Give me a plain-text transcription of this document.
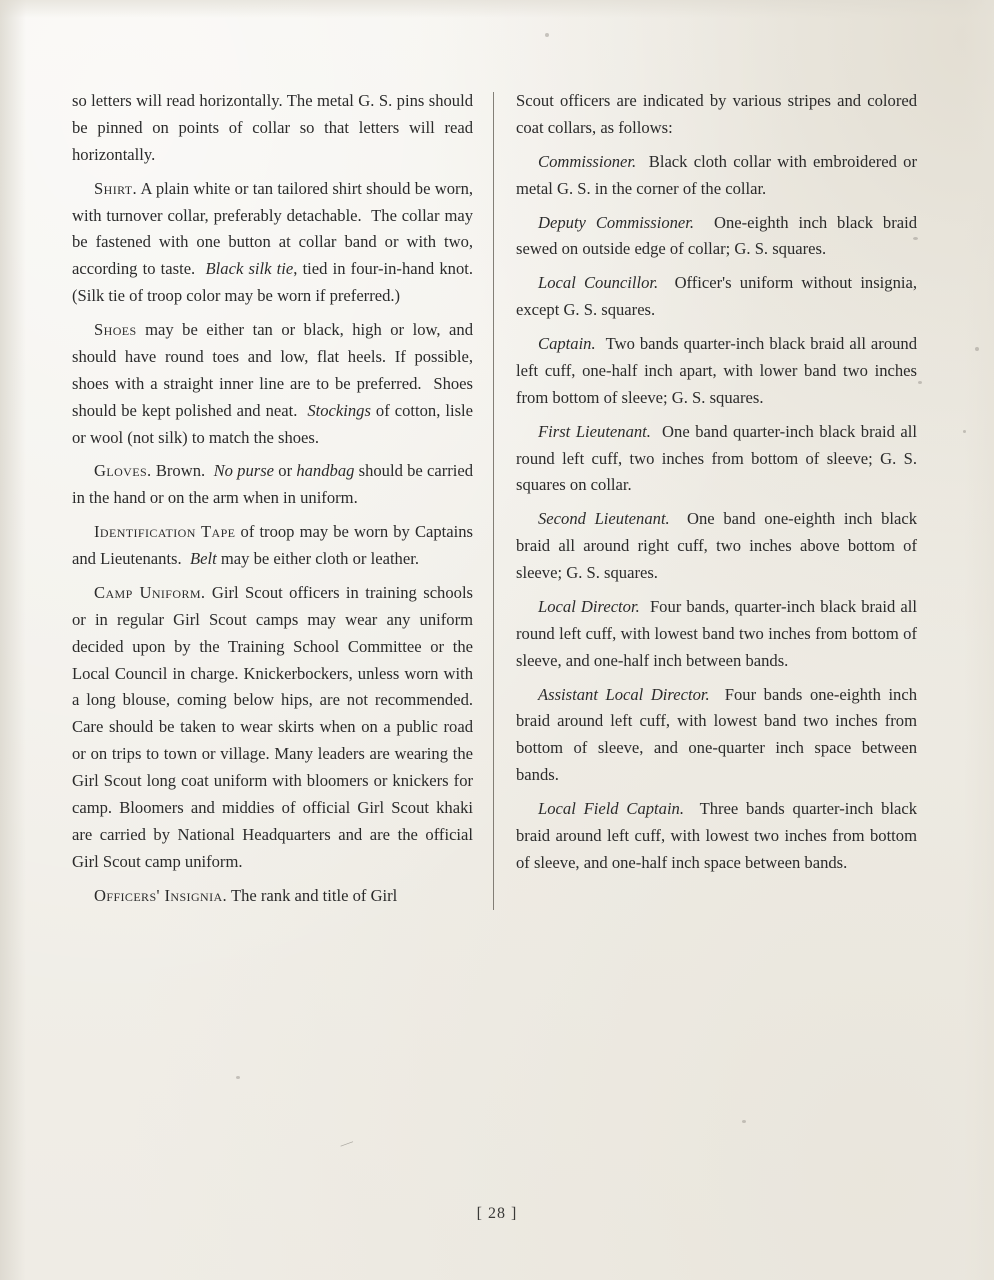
—

so letters will read horizontally. The metal G. S. pins should be pinned on points of collar so that letters will read horizontally.

Shirt. A plain white or tan tailored shirt should be worn, with turnover collar, preferably detachable.  The collar may be fastened with one button at collar band or with two, according to taste.  Black silk tie, tied in four-in-hand knot. (Silk tie of troop color may be worn if preferred.)

Shoes may be either tan or black, high or low, and should have round toes and low, flat heels. If possible, shoes with a straight inner line are to be preferred.  Shoes should be kept polished and neat.  Stockings of cotton, lisle or wool (not silk) to match the shoes.

Gloves. Brown.  No purse or handbag should be carried in the hand or on the arm when in uniform.

Identification Tape of troop may be worn by Captains and Lieutenants.  Belt may be either cloth or leather.

Camp Uniform. Girl Scout officers in training schools or in regular Girl Scout camps may wear any uniform decided upon by the Training School Committee or the Local Council in charge. Knickerbockers, unless worn with a long blouse, coming below hips, are not recommended. Care should be taken to wear skirts when on a public road or on trips to town or village. Many leaders are wearing the Girl Scout long coat uniform with bloomers or knickers for camp. Bloomers and middies of official Girl Scout khaki are carried by National Headquarters and are the official Girl Scout camp uniform.

Officers' Insignia. The rank and title of Girl

Scout officers are indicated by various stripes and colored coat collars, as follows:

Commissioner.  Black cloth collar with embroidered or metal G. S. in the corner of the collar.

Deputy Commissioner.  One-eighth inch black braid sewed on outside edge of collar; G. S. squares.

Local Councillor.  Officer's uniform without insignia, except G. S. squares.

Captain.  Two bands quarter-inch black braid all around left cuff, one-half inch apart, with lower band two inches from bottom of sleeve; G. S. squares.

First Lieutenant.  One band quarter-inch black braid all round left cuff, two inches from bottom of sleeve; G. S. squares on collar.

Second Lieutenant.  One band one-eighth inch black braid all around right cuff, two inches above bottom of sleeve; G. S. squares.

Local Director.  Four bands, quarter-inch black braid all round left cuff, with lowest band two inches from bottom of sleeve, and one-half inch between bands.

Assistant Local Director.  Four bands one-eighth inch braid around left cuff, with lowest band two inches from bottom of sleeve, and one-quarter inch space between bands.

Local Field Captain.  Three bands quarter-inch black braid around left cuff, with lowest two inches from bottom of sleeve, and one-half inch space between bands.

[ 28 ]
